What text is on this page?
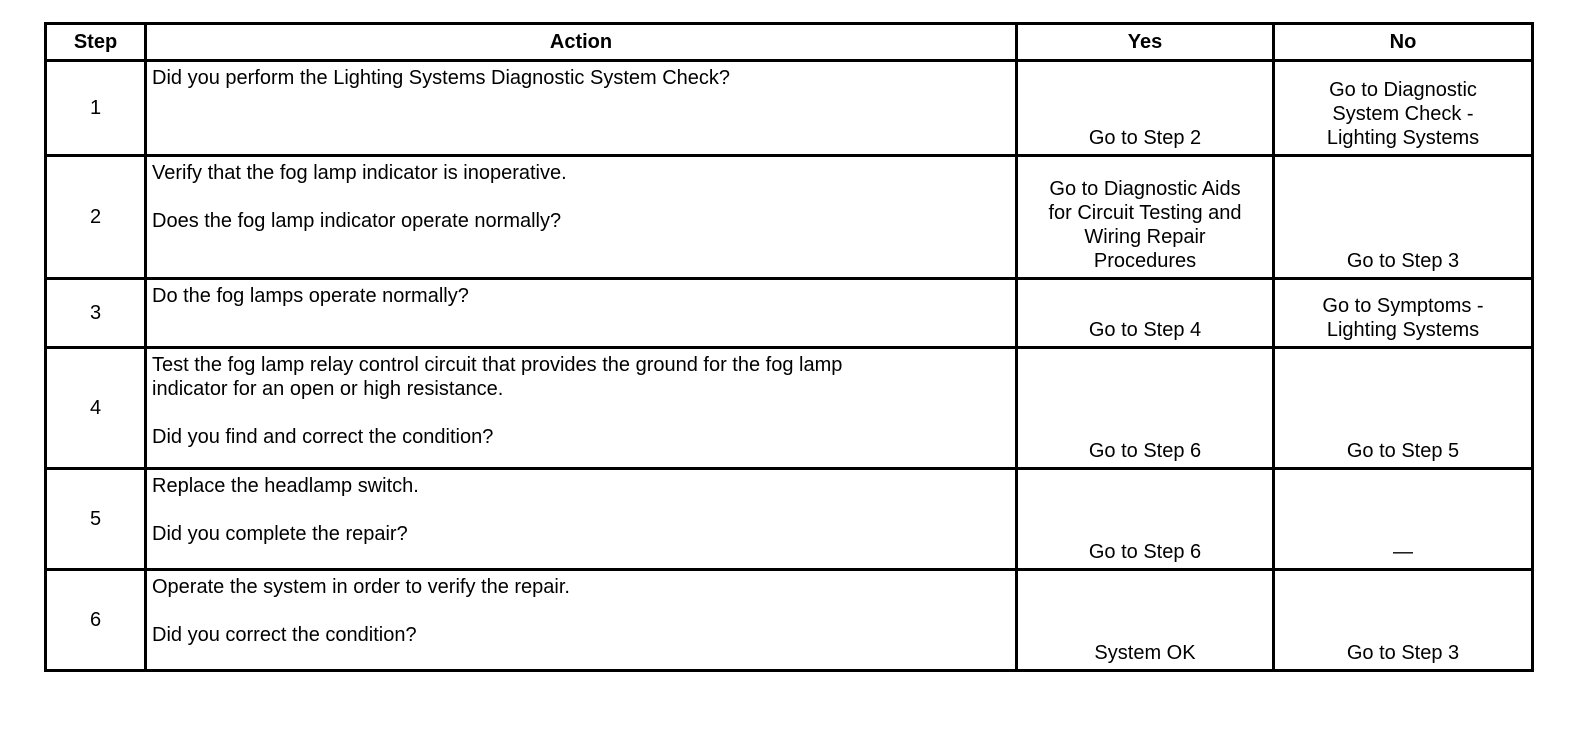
Step	Action	Yes	No
1	Did you perform the Lighting Systems Diagnostic System Check?	Go to Step 2	Go to Diagnostic
System Check -
Lighting Systems

2	Verify that the fog lamp indicator is inoperative.
Does the fog lamp indicator operate normally?	Go to Diagnostic Aids
for Circuit Testing and
Wiring Repair
Procedures	Go to Step 3

3	Do the fog lamps operate normally?	Go to Step 4	Go to Symptoms -
Lighting Systems

4	Test the fog lamp relay control circuit that provides the ground for the fog lamp
indicator for an open or high resistance.
Did you find and correct the condition?	Go to Step 6	Go to Step 5

5	Replace the headlamp switch.
Did you complete the repair?	Go to Step 6	—

6	Operate the system in order to verify the repair.
Did you correct the condition?	System OK	Go to Step 3
